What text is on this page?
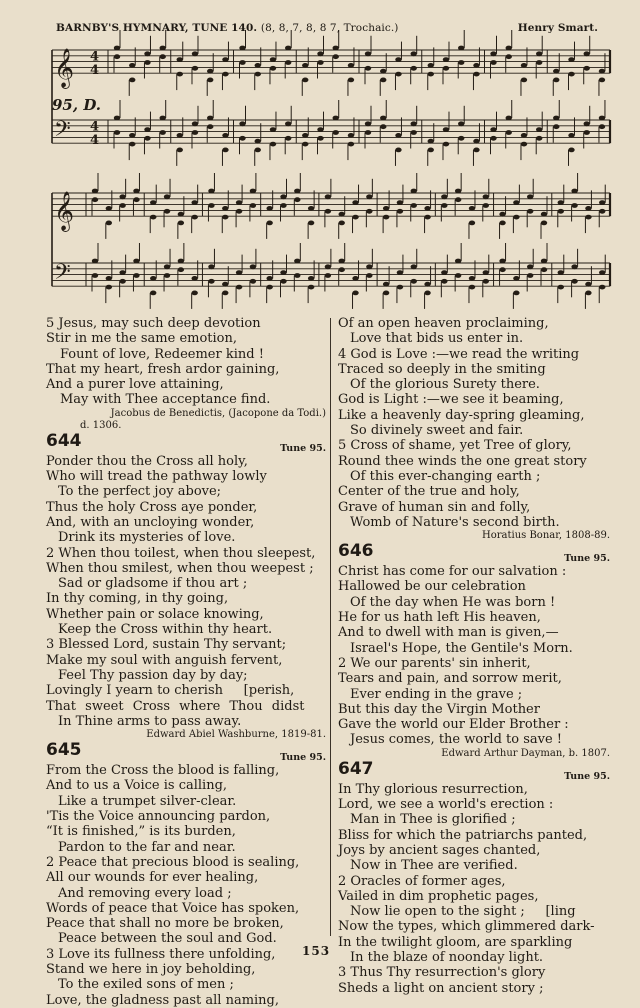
BARNBY'S HYMNARY, TUNE 140. (8, 8, 7, 8, 8 7, Trochaic.)	Henry Smart.
𝄞 4
4
𝄢 4
4
𝄞
𝄢
95, D.
5 Jesus, may such deep devotion
Stir in me the same emotion,
Fount of love, Redeemer kind !
That my heart, fresh ardor gaining,
And a purer love attaining,
May with Thee acceptance find.
Jacobus de Benedictis, (Jacopone da Todi.)
d. 1306.
644	Tune 95.
Ponder thou the Cross all holy,
Who will tread the pathway lowly
To the perfect joy above;
Thus the holy Cross aye ponder,
And, with an uncloying wonder,
Drink its mysteries of love.
2 When thou toilest, when thou sleepest,
When thou smilest, when thou weepest ;
Sad or gladsome if thou art ;
In thy coming, in thy going,
Whether pain or solace knowing,
Keep the Cross within thy heart.
3 Blessed Lord, sustain Thy servant;
Make my soul with anguish fervent,
Feel Thy passion day by day;
Lovingly I yearn to cherish     [perish,
That sweet Cross where Thou didst
In Thine arms to pass away.
Edward Abiel Washburne, 1819-81.
645	Tune 95.
From the Cross the blood is falling,
And to us a Voice is calling,
Like a trumpet silver-clear.
'Tis the Voice announcing pardon,
“It is finished,” is its burden,
Pardon to the far and near.
2 Peace that precious blood is sealing,
All our wounds for ever healing,
And removing every load ;
Words of peace that Voice has spoken,
Peace that shall no more be broken,
Peace between the soul and God.
3 Love its fullness there unfolding,
Stand we here in joy beholding,
To the exiled sons of men ;
Love, the gladness past all naming,
Of an open heaven proclaiming,
Love that bids us enter in.
4 God is Love :—we read the writing
Traced so deeply in the smiting
Of the glorious Surety there.
God is Light :—we see it beaming,
Like a heavenly day-spring gleaming,
So divinely sweet and fair.
5 Cross of shame, yet Tree of glory,
Round thee winds the one great story
Of this ever-changing earth ;
Center of the true and holy,
Grave of human sin and folly,
Womb of Nature's second birth.
Horatius Bonar, 1808-89.
646	Tune 95.
Christ has come for our salvation :
Hallowed be our celebration
Of the day when He was born !
He for us hath left His heaven,
And to dwell with man is given,—
Israel's Hope, the Gentile's Morn.
2 We our parents' sin inherit,
Tears and pain, and sorrow merit,
Ever ending in the grave ;
But this day the Virgin Mother
Gave the world our Elder Brother :
Jesus comes, the world to save !
Edward Arthur Dayman, b. 1807.
647	Tune 95.
In Thy glorious resurrection,
Lord, we see a world's erection :
Man in Thee is glorified ;
Bliss for which the patriarchs panted,
Joys by ancient sages chanted,
Now in Thee are verified.
2 Oracles of former ages,
Vailed in dim prophetic pages,
Now lie open to the sight ;     [ling
Now the types, which glimmered dark-
In the twilight gloom, are sparkling
In the blaze of noonday light.
3 Thus Thy resurrection's glory
Sheds a light on ancient story ;
153
